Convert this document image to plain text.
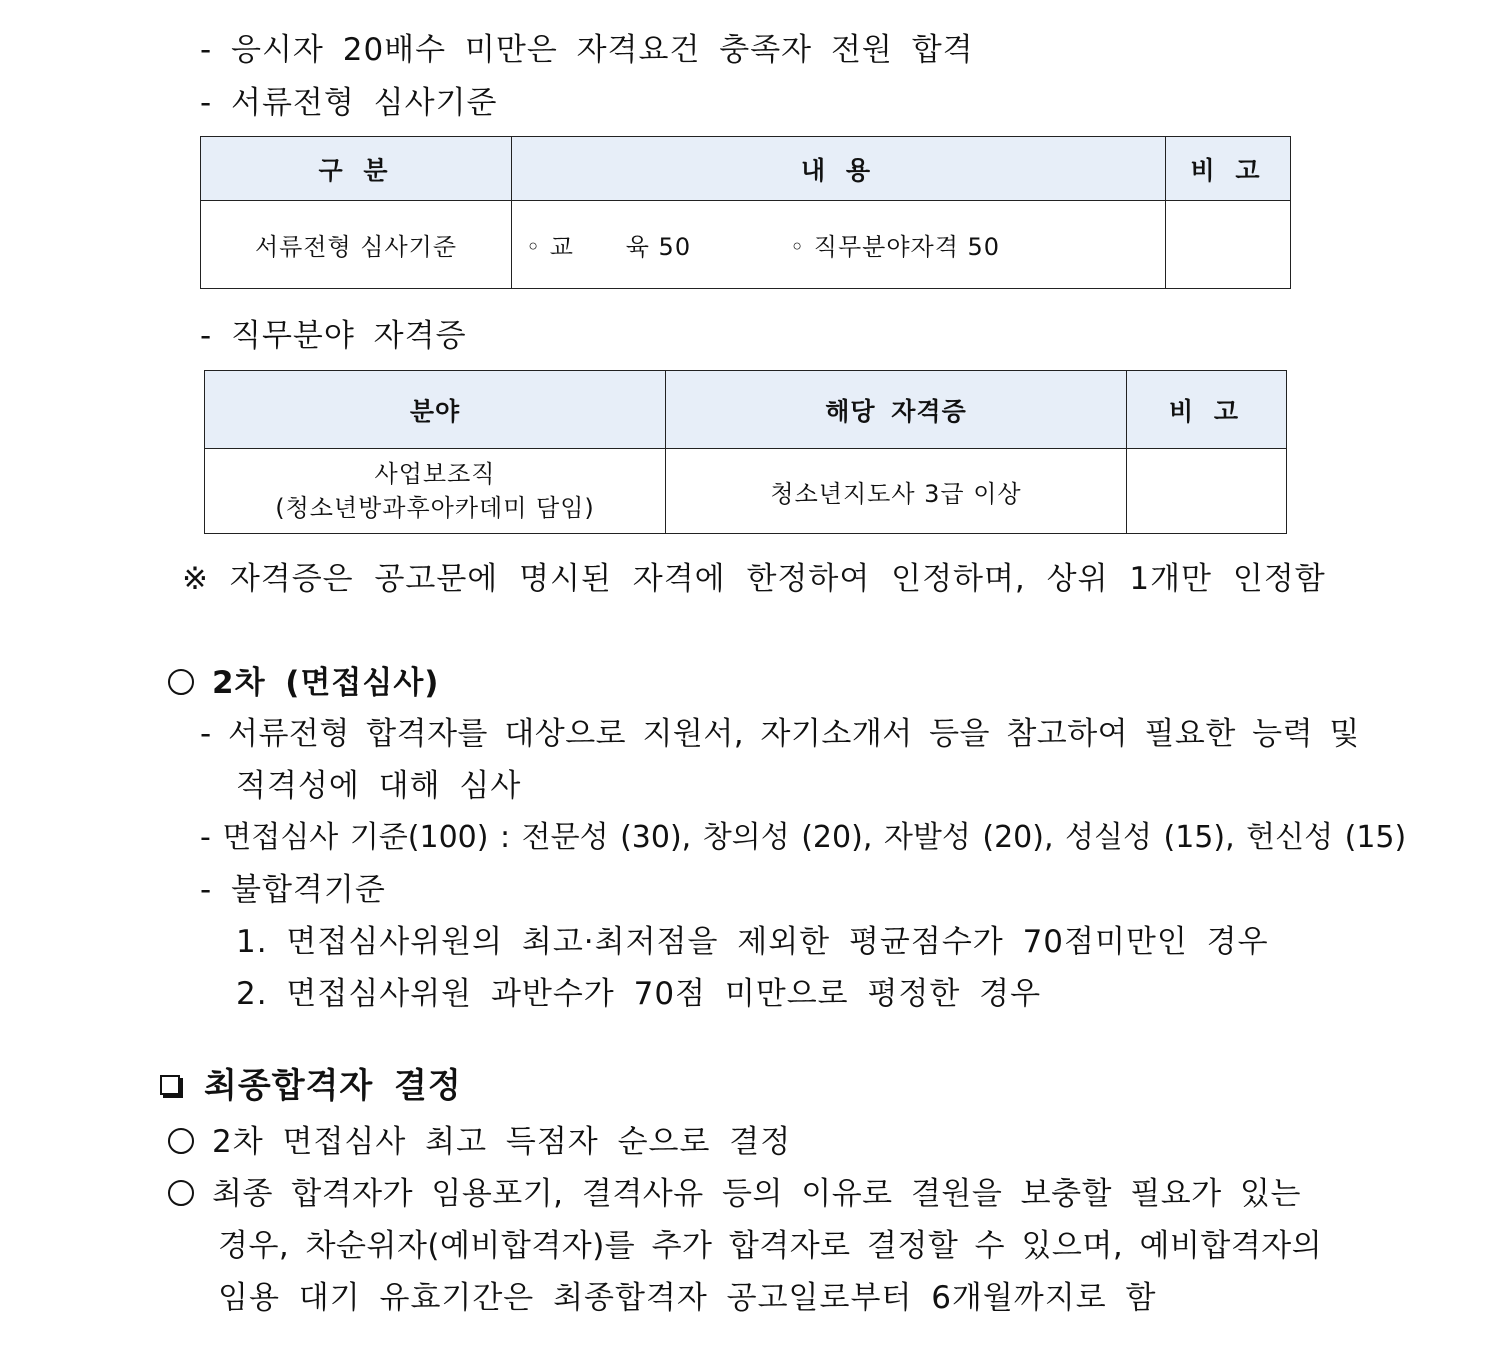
- 응시자 20배수 미만은 자격요건 충족자 전원 합격
- 서류전형 심사기준
구 분	내 용	비 고
서류전형 심사기준	◦ 교      육 50 ◦ 직무분야자격 50	
- 직무분야 자격증
분야	해당 자격증	비 고

사업보조직
(청소년방과후아카데미 담임)	청소년지도사 3급 이상	
※ 자격증은 공고문에 명시된 자격에 한정하여 인정하며, 상위 1개만 인정함
2차 (면접심사)
- 서류전형 합격자를 대상으로 지원서, 자기소개서 등을 참고하여 필요한 능력 및
적격성에 대해 심사
- 면접심사 기준(100) : 전문성 (30), 창의성 (20), 자발성 (20), 성실성 (15), 헌신성 (15)
- 불합격기준
1. 면접심사위원의 최고·최저점을 제외한 평균점수가 70점미만인 경우
2. 면접심사위원 과반수가 70점 미만으로 평정한 경우
최종합격자 결정
2차 면접심사 최고 득점자 순으로 결정
최종 합격자가 임용포기, 결격사유 등의 이유로 결원을 보충할 필요가 있는
경우, 차순위자(예비합격자)를 추가 합격자로 결정할 수 있으며, 예비합격자의
임용 대기 유효기간은 최종합격자 공고일로부터 6개월까지로 함
